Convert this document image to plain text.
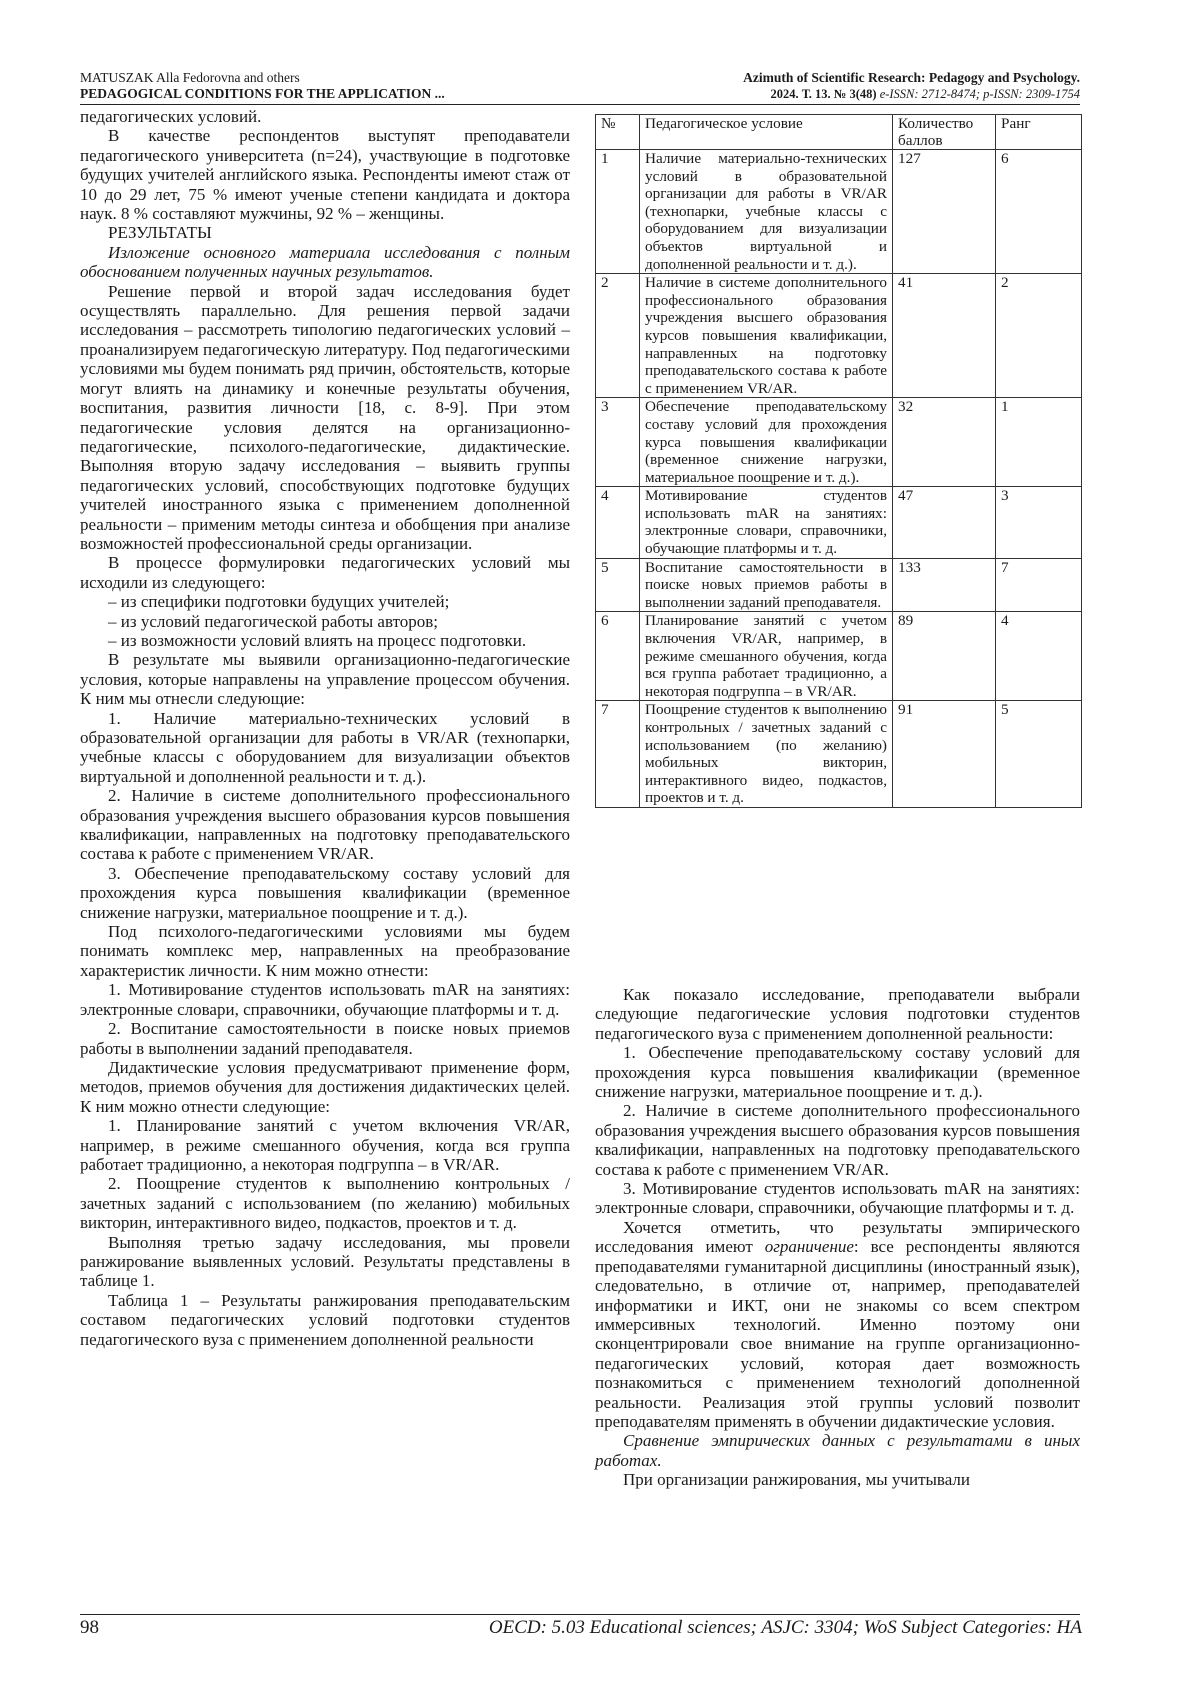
MATUSZAK Alla Fedorovna and others
PEDAGOGICAL CONDITIONS FOR THE APPLICATION ...
Azimuth of Scientific Research: Pedagogy and Psychology.
2024. Т. 13. № 3(48) e-ISSN: 2712-8474; p-ISSN: 2309-1754

педагогических условий.

В качестве респондентов выступят преподаватели педагогического университета (n=24), участвующие в подготовке будущих учителей английского языка. Респонденты имеют стаж от 10 до 29 лет, 75 % имеют ученые степени кандидата и доктора наук. 8 % составляют мужчины, 92 % – женщины.

РЕЗУЛЬТАТЫ

Изложение основного материала исследования с полным обоснованием полученных научных результатов.

Решение первой и второй задач исследования будет осуществлять параллельно. Для решения первой задачи исследования – рассмотреть типологию педагогических условий – проанализируем педагогическую литературу. Под педагогическими условиями мы будем понимать ряд причин, обстоятельств, которые могут влиять на динамику и конечные результаты обучения, воспитания, развития личности [18, с. 8-9]. При этом педагогические условия делятся на организационно-педагогические, психолого-педагогические, дидактические. Выполняя вторую задачу исследования – выявить группы педагогических условий, способствующих подготовке будущих учителей иностранного языка с применением дополненной реальности – применим методы синтеза и обобщения при анализе возможностей профессиональной среды организации.

В процессе формулировки педагогических условий мы исходили из следующего:

– из специфики подготовки будущих учителей;

– из условий педагогической работы авторов;

– из возможности условий влиять на процесс подготовки.

В результате мы выявили организационно-педагогические условия, которые направлены на управление процессом обучения. К ним мы отнесли следующие:

1. Наличие материально-технических условий в образовательной организации для работы в VR/AR (технопарки, учебные классы с оборудованием для визуализации объектов виртуальной и дополненной реальности и т. д.).

2. Наличие в системе дополнительного профессионального образования учреждения высшего образования курсов повышения квалификации, направленных на подготовку преподавательского состава к работе с применением VR/AR.

3. Обеспечение преподавательскому составу условий для прохождения курса повышения квалификации (временное снижение нагрузки, материальное поощрение и т. д.).

Под психолого-педагогическими условиями мы будем понимать комплекс мер, направленных на преобразование характеристик личности. К ним можно отнести:

1. Мотивирование студентов использовать mAR на занятиях: электронные словари, справочники, обучающие платформы и т. д.

2. Воспитание самостоятельности в поиске новых приемов работы в выполнении заданий преподавателя.

Дидактические условия предусматривают применение форм, методов, приемов обучения для достижения дидактических целей. К ним можно отнести следующие:

1. Планирование занятий с учетом включения VR/AR, например, в режиме смешанного обучения, когда вся группа работает традиционно, а некоторая подгруппа – в VR/AR.

2. Поощрение студентов к выполнению контрольных / зачетных заданий с использованием (по желанию) мобильных викторин, интерактивного видео, подкастов, проектов и т. д.

Выполняя третью задачу исследования, мы провели ранжирование выявленных условий. Результаты представлены в таблице 1.

Таблица 1 – Результаты ранжирования преподавательским составом педагогических условий подготовки студентов педагогического вуза с применением дополненной реальности

№	Педагогическое условие	Количество баллов	Ранг
1	Наличие материально-технических условий в образовательной организации для работы в VR/AR (технопарки, учебные классы с оборудованием для визуализации объектов виртуальной и дополненной реальности и т. д.).	127	6
2	Наличие в системе дополнительного профессионального образования учреждения высшего образования курсов повышения квалификации, направленных на подготовку преподавательского состава к работе с применением VR/AR.	41	2
3	Обеспечение преподавательскому составу условий для прохождения курса повышения квалификации (временное снижение нагрузки, материальное поощрение и т. д.).	32	1
4	Мотивирование студентов использовать mAR на занятиях: электронные словари, справочники, обучающие платформы и т. д.	47	3
5	Воспитание самостоятельности в поиске новых приемов работы в выполнении заданий преподавателя.	133	7
6	Планирование занятий с учетом включения VR/AR, например, в режиме смешанного обучения, когда вся группа работает традиционно, а некоторая подгруппа – в VR/AR.	89	4
7	Поощрение студентов к выполнению контрольных / зачетных заданий с использованием (по желанию) мобильных викторин, интерактивного видео, подкастов, проектов и т. д.	91	5

Как показало исследование, преподаватели выбрали следующие педагогические условия подготовки студентов педагогического вуза с применением дополненной реальности:

1. Обеспечение преподавательскому составу условий для прохождения курса повышения квалификации (временное снижение нагрузки, материальное поощрение и т. д.).

2. Наличие в системе дополнительного профессионального образования учреждения высшего образования курсов повышения квалификации, направленных на подготовку преподавательского состава к работе с применением VR/AR.

3. Мотивирование студентов использовать mAR на занятиях: электронные словари, справочники, обучающие платформы и т. д.

Хочется отметить, что результаты эмпирического исследования имеют ограничение: все респонденты являются преподавателями гуманитарной дисциплины (иностранный язык), следовательно, в отличие от, например, преподавателей информатики и ИКТ, они не знакомы со всем спектром иммерсивных технологий. Именно поэтому они сконцентрировали свое внимание на группе организационно-педагогических условий, которая дает возможность познакомиться с применением технологий дополненной реальности. Реализация этой группы условий позволит преподавателям применять в обучении дидактические условия.

Сравнение эмпирических данных с результатами в иных работах.

При организации ранжирования, мы учитывали

98	OECD: 5.03 Educational sciences; ASJC: 3304; WoS Subject Categories: HA
